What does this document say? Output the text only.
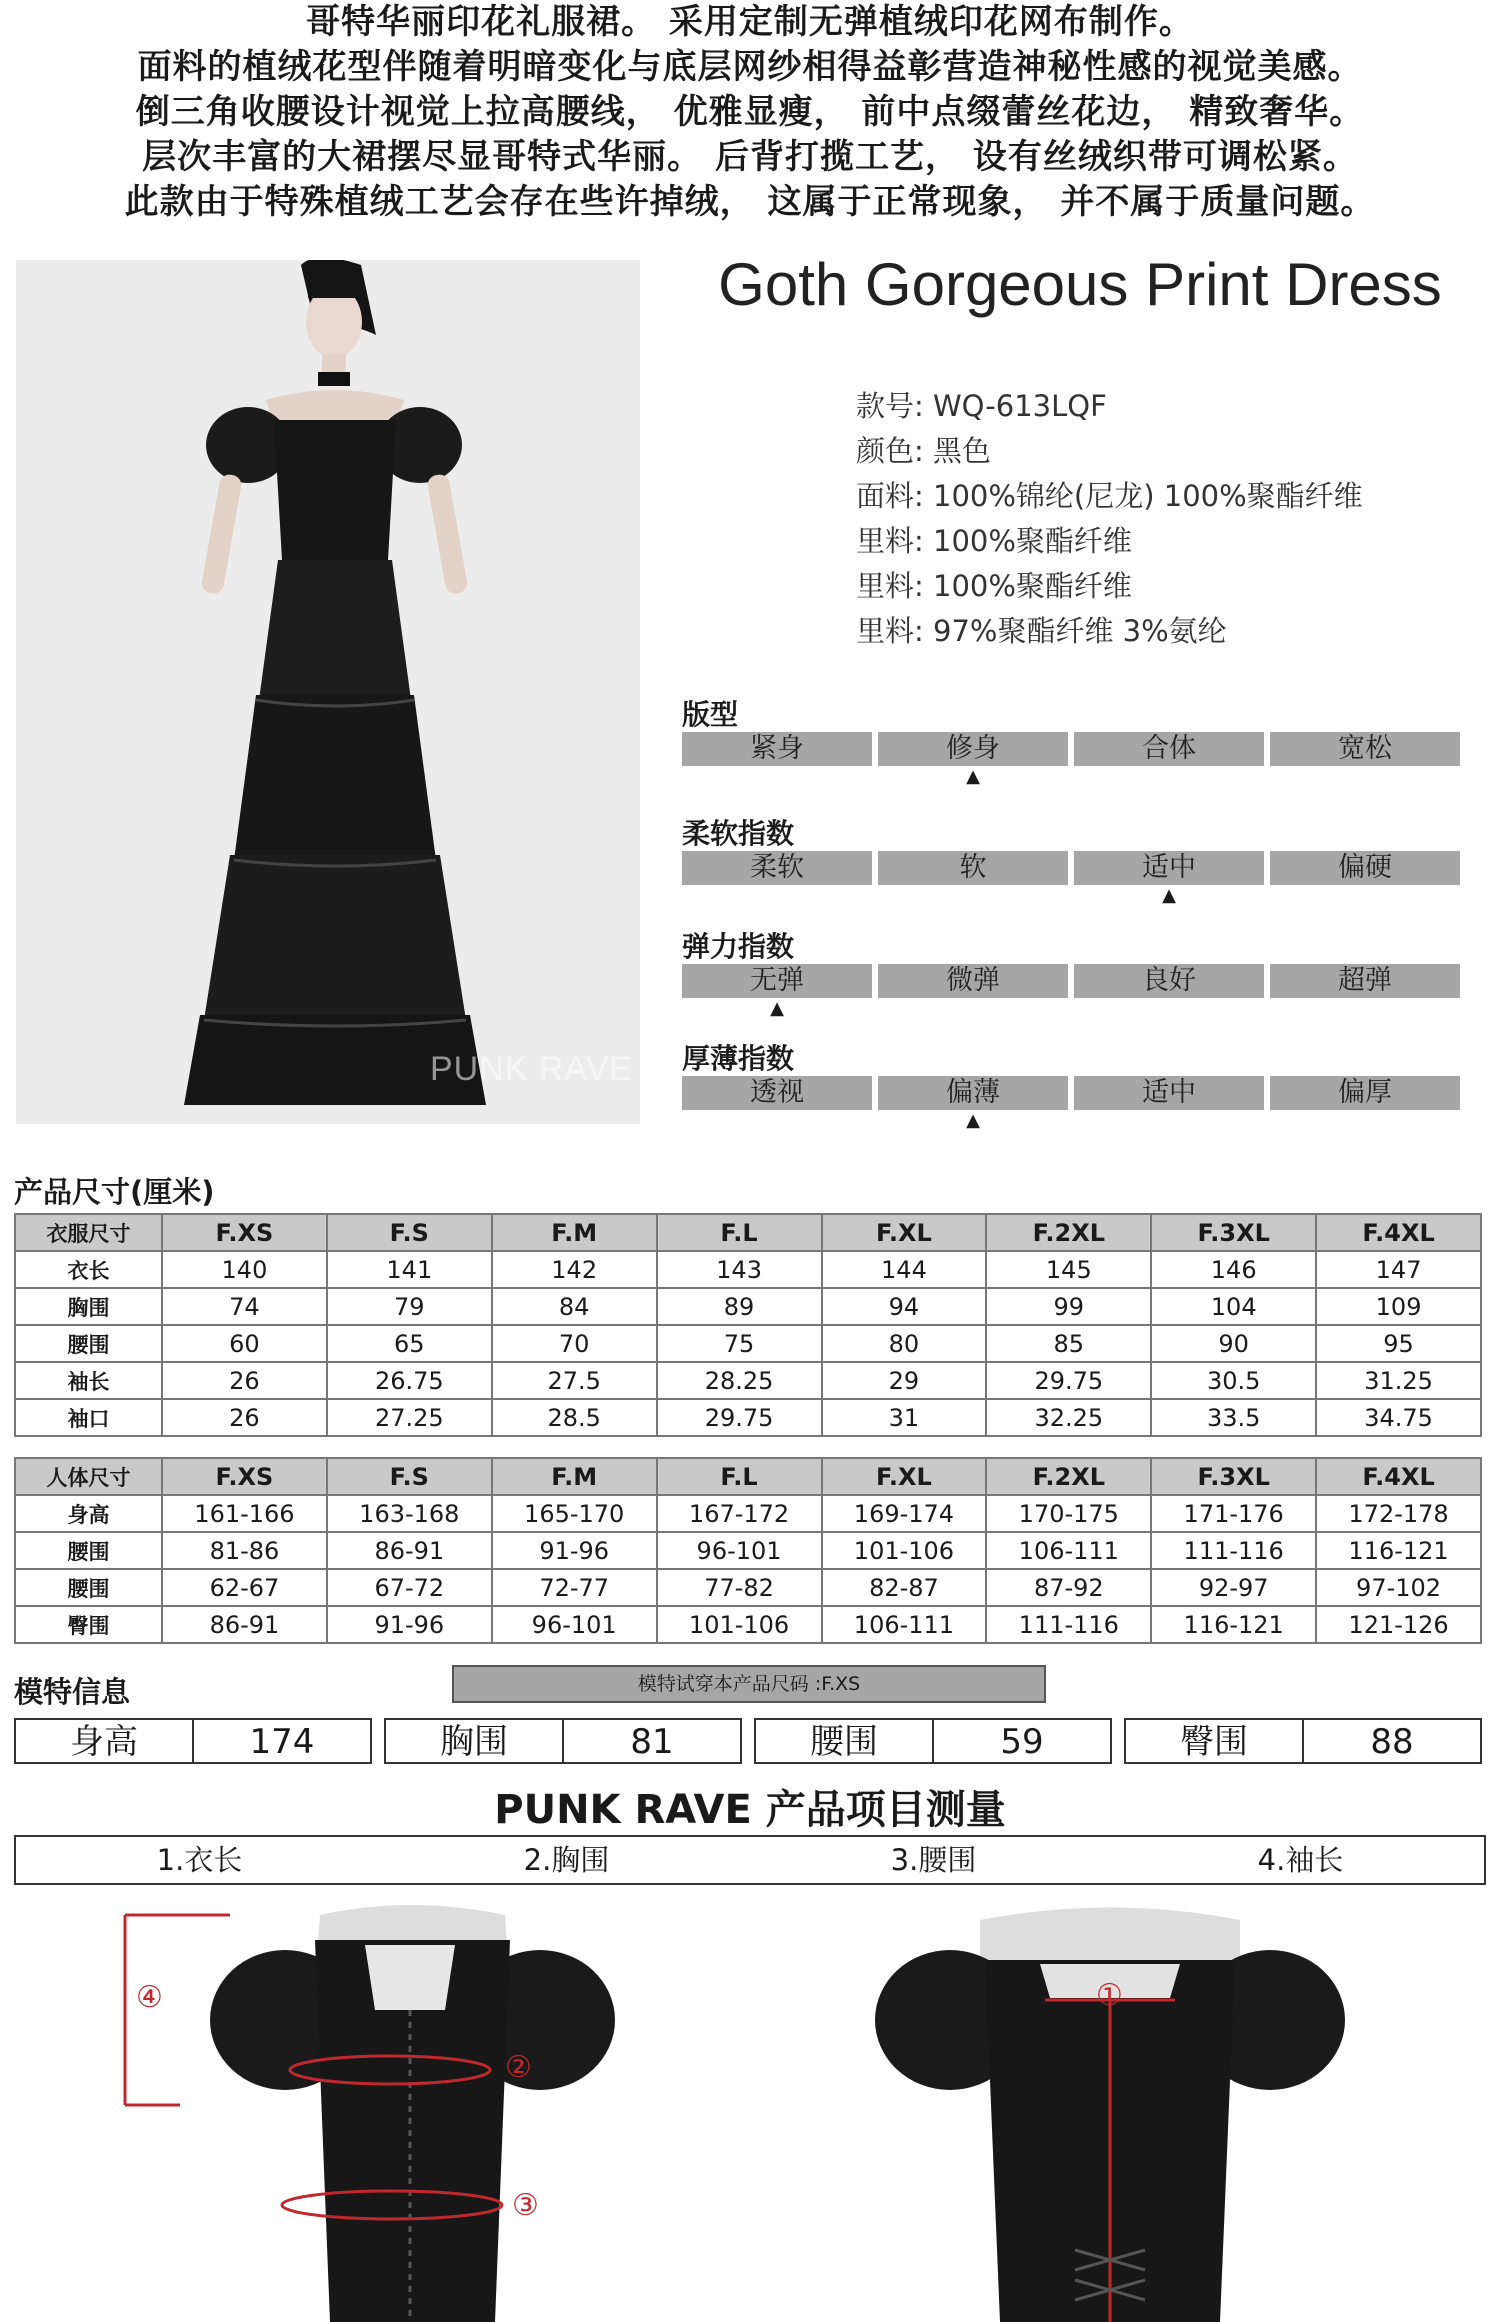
哥特华丽印花礼服裙。 采用定制无弹植绒印花网布制作。
面料的植绒花型伴随着明暗变化与底层网纱相得益彰营造神秘性感的视觉美感。
倒三角收腰设计视觉上拉高腰线， 优雅显瘦， 前中点缀蕾丝花边， 精致奢华。
层次丰富的大裙摆尽显哥特式华丽。 后背打揽工艺， 设有丝绒织带可调松紧。
此款由于特殊植绒工艺会存在些许掉绒， 这属于正常现象， 并不属于质量问题。
PUNK RAVE
Goth Gorgeous Print Dress
款号: WQ-613LQF
颜色: 黑色
面料: 100%锦纶(尼龙) 100%聚酯纤维
里料: 100%聚酯纤维
里料: 100%聚酯纤维
里料: 97%聚酯纤维 3%氨纶
版型
紧身	修身	合体	宽松
▲
柔软指数
柔软	软	适中	偏硬
▲
弹力指数
无弹	微弹	良好	超弹
▲
厚薄指数
透视	偏薄	适中	偏厚
▲
产品尺寸(厘米)
衣服尺寸	F.XS	F.S	F.M	F.L	F.XL	F.2XL	F.3XL	F.4XL
衣长	140	141	142	143	144	145	146	147
胸围	74	79	84	89	94	99	104	109
腰围	60	65	70	75	80	85	90	95
袖长	26	26.75	27.5	28.25	29	29.75	30.5	31.25
袖口	26	27.25	28.5	29.75	31	32.25	33.5	34.75
人体尺寸	F.XS	F.S	F.M	F.L	F.XL	F.2XL	F.3XL	F.4XL
身高	161-166	163-168	165-170	167-172	169-174	170-175	171-176	172-178
腰围	81-86	86-91	91-96	96-101	101-106	106-111	111-116	116-121
腰围	62-67	67-72	72-77	77-82	82-87	87-92	92-97	97-102
臀围	86-91	91-96	96-101	101-106	106-111	111-116	116-121	121-126
模特信息	模特试穿本产品尺码 :F.XS
身高	174	胸围	81	腰围	59	臀围	88
PUNK RAVE 产品项目测量
1.衣长	2.胸围	3.腰围	4.袖长
④
②
③
①
